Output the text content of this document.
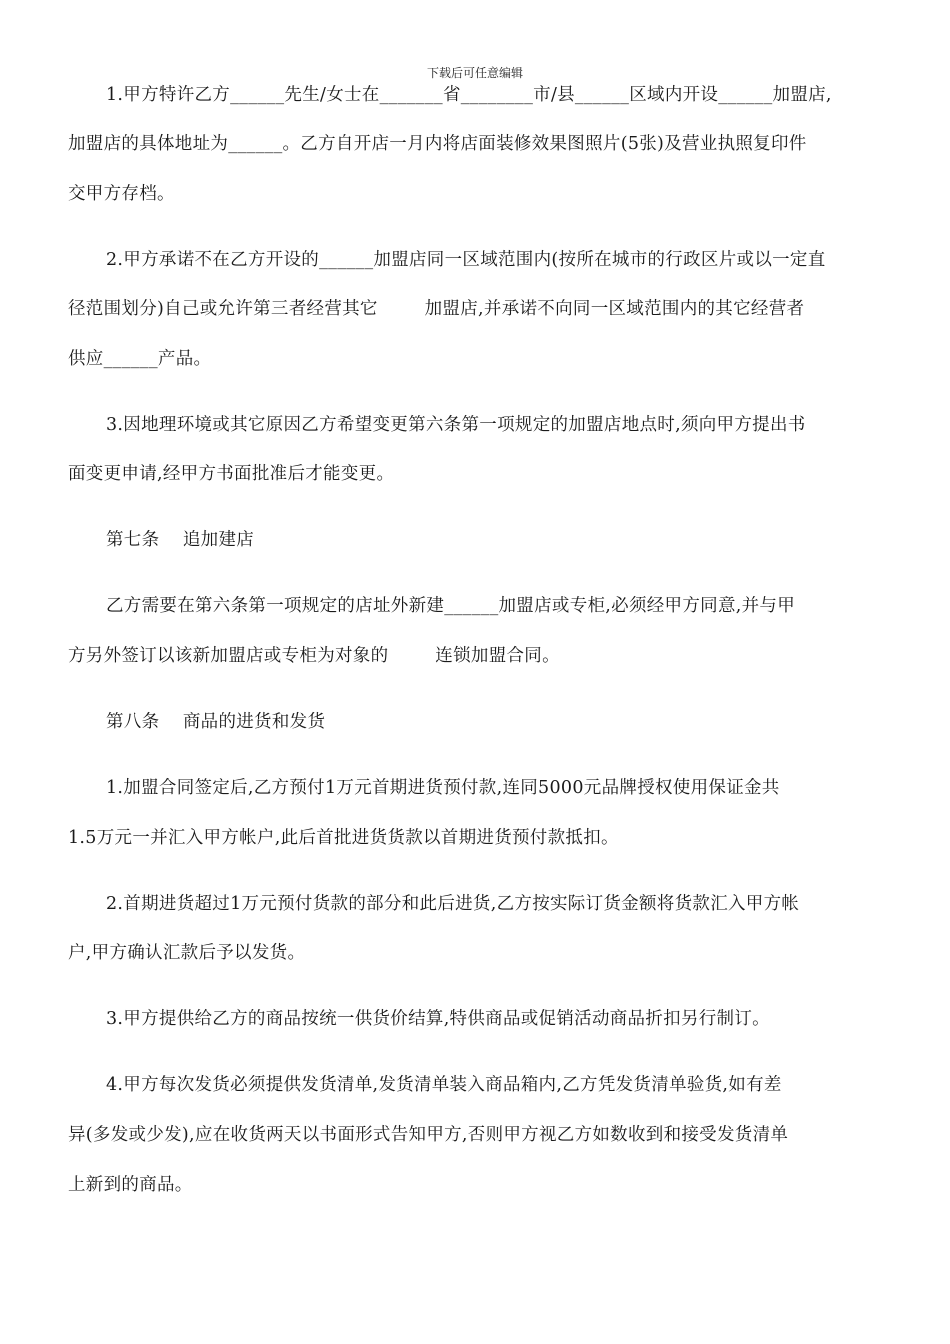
下载后可任意编辑
1.甲方特许乙方______先生/女士在_______省________市/县______区域内开设______加盟店,
加盟店的具体地址为______。乙方自开店一月内将店面装修效果图照片(5张)及营业执照复印件
交甲方存档。
2.甲方承诺不在乙方开设的______加盟店同一区域范围内(按所在城市的行政区片或以一定直
径范围划分)自己或允许第三者经营其它        加盟店,并承诺不向同一区域范围内的其它经营者
供应______产品。
3.因地理环境或其它原因乙方希望变更第六条第一项规定的加盟店地点时,须向甲方提出书
面变更申请,经甲方书面批准后才能变更。
第七条    追加建店
乙方需要在第六条第一项规定的店址外新建______加盟店或专柜,必须经甲方同意,并与甲
方另外签订以该新加盟店或专柜为对象的        连锁加盟合同。
第八条    商品的进货和发货
1.加盟合同签定后,乙方预付1万元首期进货预付款,连同5000元品牌授权使用保证金共
1.5万元一并汇入甲方帐户,此后首批进货货款以首期进货预付款抵扣。
2.首期进货超过1万元预付货款的部分和此后进货,乙方按实际订货金额将货款汇入甲方帐
户,甲方确认汇款后予以发货。
3.甲方提供给乙方的商品按统一供货价结算,特供商品或促销活动商品折扣另行制订。
4.甲方每次发货必须提供发货清单,发货清单装入商品箱内,乙方凭发货清单验货,如有差
异(多发或少发),应在收货两天以书面形式告知甲方,否则甲方视乙方如数收到和接受发货清单
上新到的商品。
